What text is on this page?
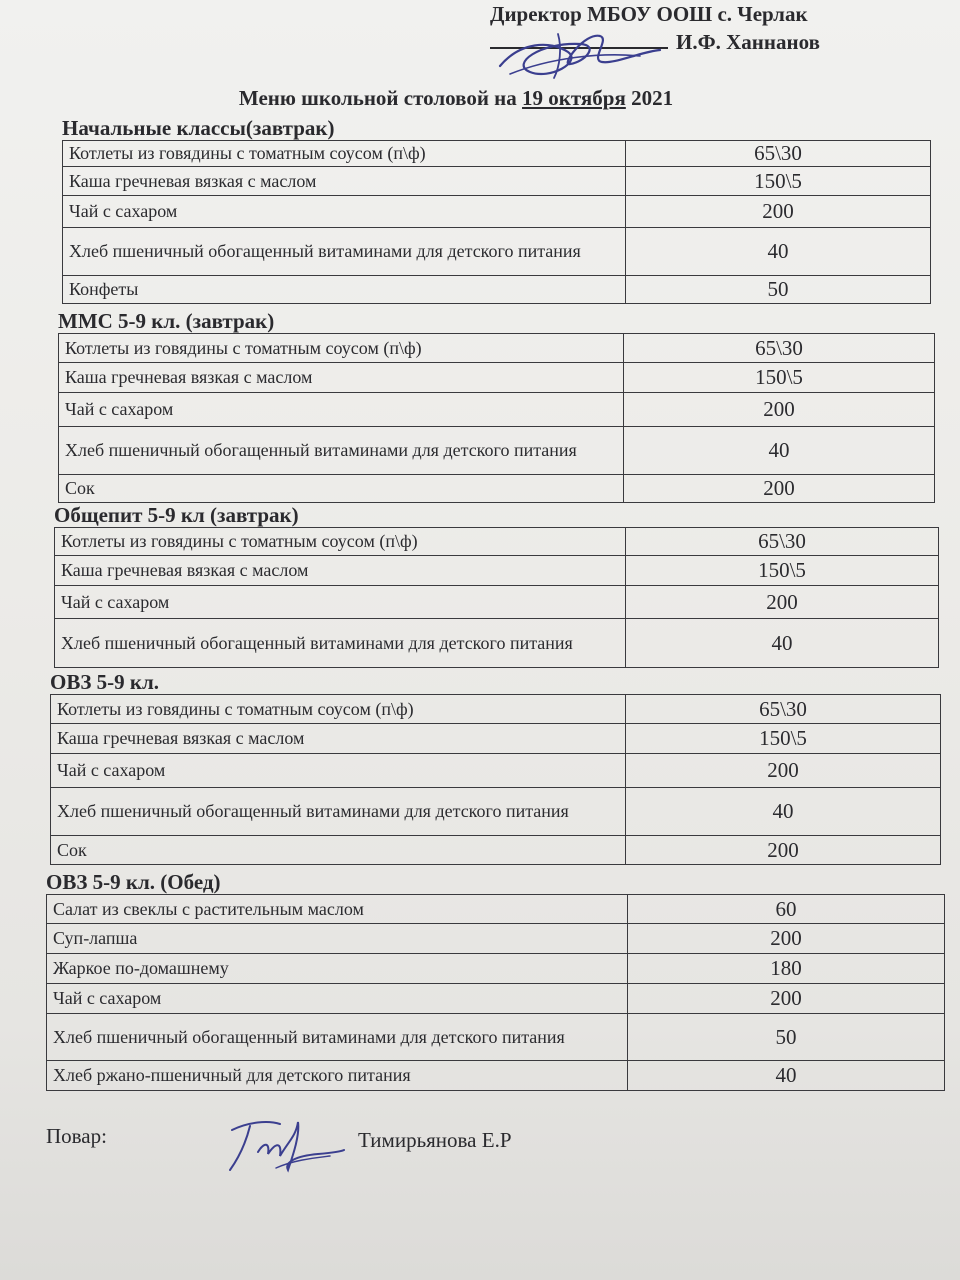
Директор МБОУ ООШ с. Черлак
И.Ф. Ханнанов
Меню школьной столовой на 19 октября 2021
Начальные классы(завтрак)
Котлеты из говядины с томатным соусом (п\ф)	65\30
Каша гречневая вязкая с маслом	150\5
Чай с сахаром	200
Хлеб пшеничный обогащенный витаминами для детского питания	40
Конфеты	50
ММС 5-9 кл. (завтрак)
Котлеты из говядины с томатным соусом (п\ф)	65\30
Каша гречневая вязкая с маслом	150\5
Чай с сахаром	200
Хлеб пшеничный обогащенный витаминами для детского питания	40
Сок	200
Общепит 5-9 кл (завтрак)
Котлеты из говядины с томатным соусом (п\ф)	65\30
Каша гречневая вязкая с маслом	150\5
Чай с сахаром	200
Хлеб пшеничный обогащенный витаминами для детского питания	40
ОВЗ 5-9 кл.
Котлеты из говядины с томатным соусом (п\ф)	65\30
Каша гречневая вязкая с маслом	150\5
Чай с сахаром	200
Хлеб пшеничный обогащенный витаминами для детского питания	40
Сок	200
ОВЗ 5-9 кл. (Обед)
Салат из свеклы с растительным маслом	60
Суп-лапша	200
Жаркое по-домашнему	180
Чай с сахаром	200
Хлеб пшеничный обогащенный витаминами для детского питания	50
Хлеб ржано-пшеничный для детского питания	40
Повар:	Тимирьянова Е.Р
